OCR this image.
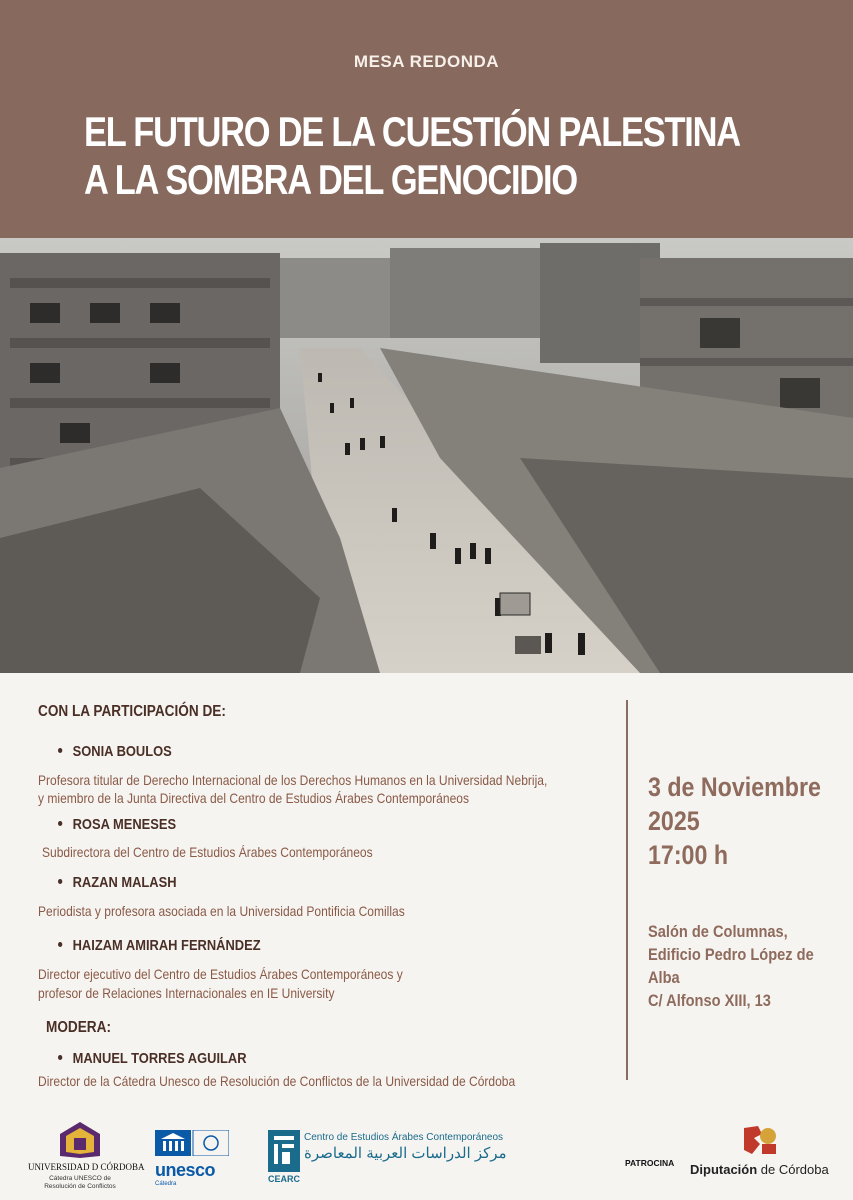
MESA REDONDA
EL FUTURO DE LA CUESTIÓN PALESTINA
A LA SOMBRA DEL GENOCIDIO
CON LA PARTICIPACIÓN DE:
SONIA BOULOS
Profesora titular de Derecho Internacional de los Derechos Humanos en la Universidad Nebrija,
y miembro de la Junta Directiva del Centro de Estudios Árabes Contemporáneos
ROSA MENESES
Subdirectora del Centro de Estudios Árabes Contemporáneos
RAZAN MALASH
Periodista y profesora asociada en la Universidad Pontificia Comillas
HAIZAM AMIRAH FERNÁNDEZ
Director ejecutivo del Centro de Estudios Árabes Contemporáneos y
profesor de Relaciones Internacionales en IE University
MODERA:
MANUEL TORRES AGUILAR
Director de la Cátedra Unesco de Resolución de Conflictos de la Universidad de Córdoba
3 de Noviembre
2025
17:00 h
Salón de Columnas,
Edificio Pedro López de
Alba
C/ Alfonso XIII, 13
UNIVERSIDAD D CÓRDOBA
Cátedra UNESCO de Resolución de Conflictos
unesco
Cátedra
Centro de Estudios Árabes Contemporáneos
مركز الدراسات العربية المعاصرة
CEARC
PATROCINA Diputación de Córdoba
